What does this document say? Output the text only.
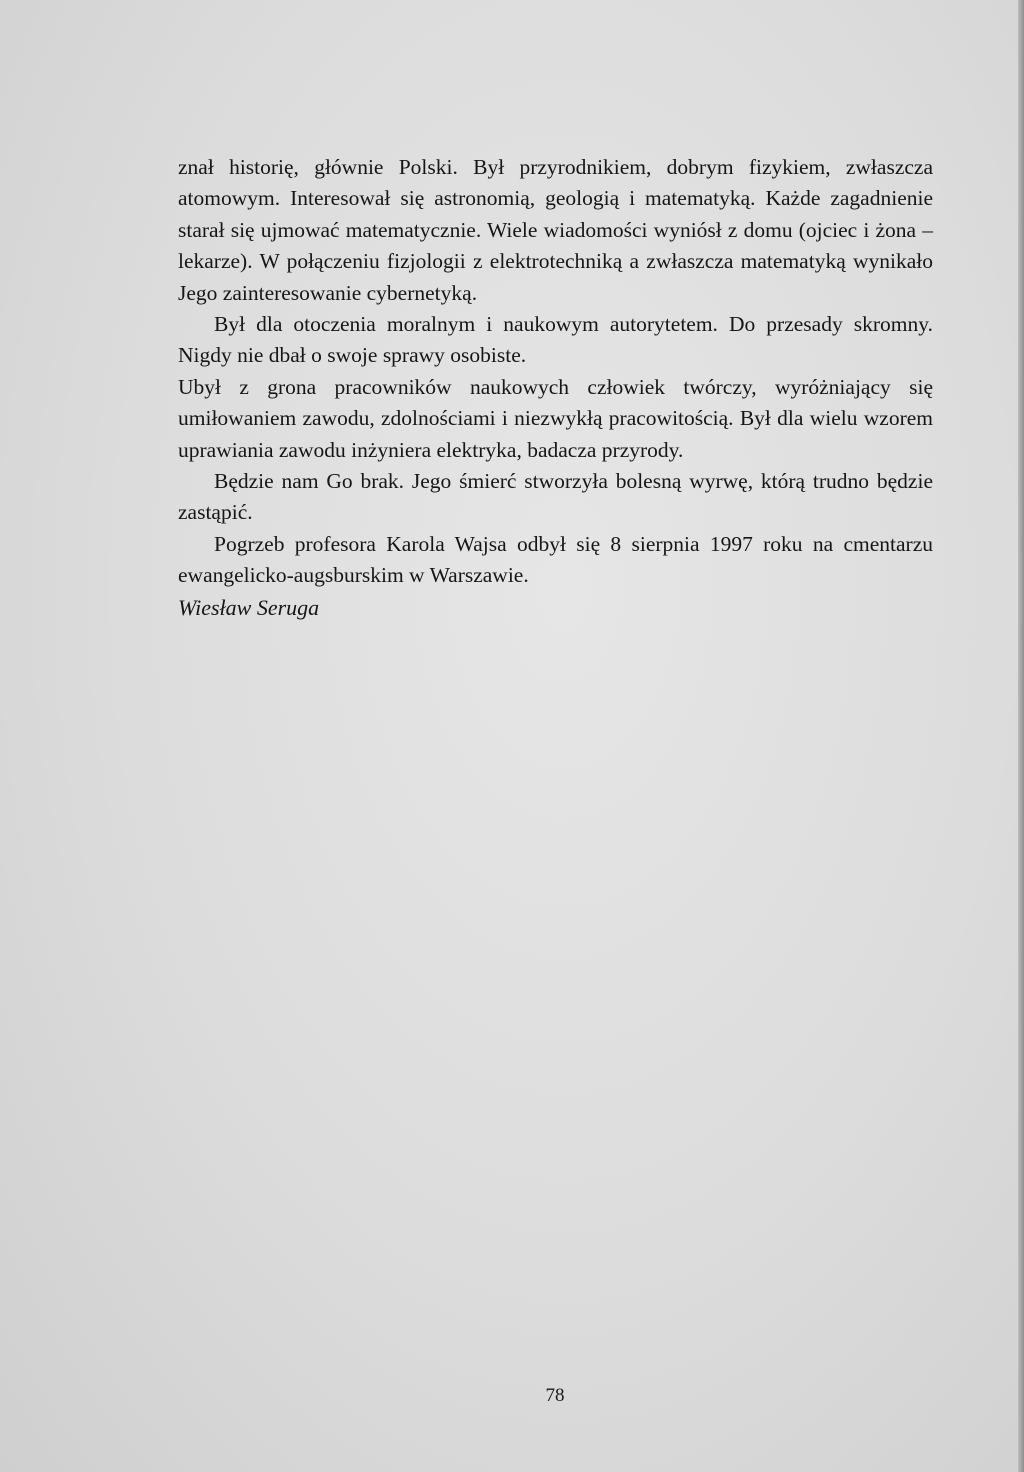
znał historię, głównie Polski. Był przyrodnikiem, dobrym fizykiem, zwłaszcza atomowym. Interesował się astronomią, geologią i matematyką. Każde zagadnienie starał się ujmować matematycznie. Wiele wiadomości wyniósł z domu (ojciec i żona – lekarze). W połączeniu fizjologii z elektrotechniką a zwłaszcza matematyką wynikało Jego zainteresowanie cybernetyką.

Był dla otoczenia moralnym i naukowym autorytetem. Do przesady skromny. Nigdy nie dbał o swoje sprawy osobiste.

Ubył z grona pracowników naukowych człowiek twórczy, wyróżniający się umiłowaniem zawodu, zdolnościami i niezwykłą pracowitością. Był dla wielu wzorem uprawiania zawodu inżyniera elektryka, badacza przyrody.

Będzie nam Go brak. Jego śmierć stworzyła bolesną wyrwę, którą trudno będzie zastąpić.

Pogrzeb profesora Karola Wajsa odbył się 8 sierpnia 1997 roku na cmentarzu ewangelicko-augsburskim w Warszawie.

Wiesław Seruga

78
